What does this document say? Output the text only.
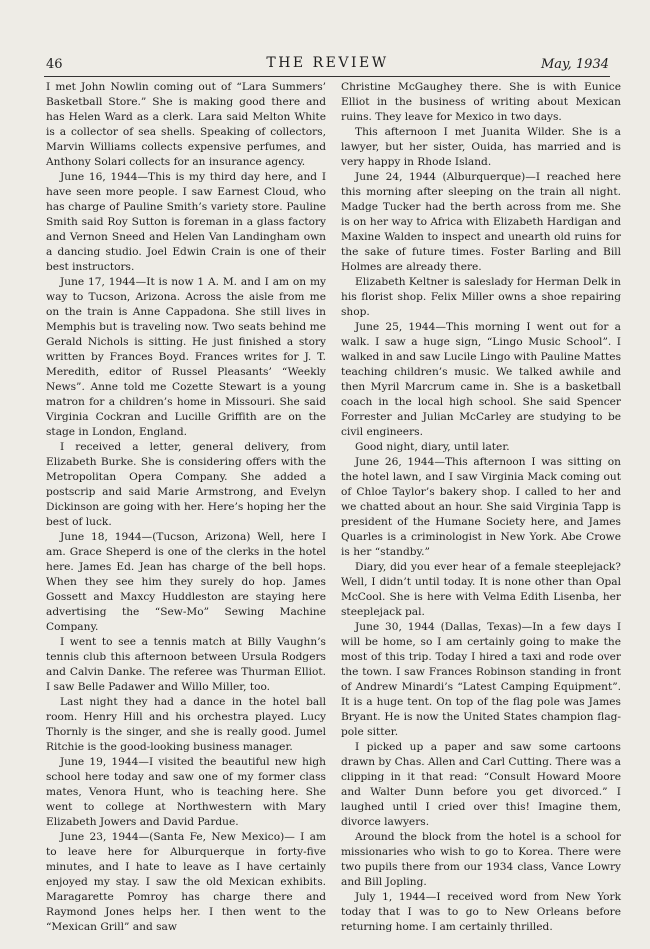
46	THE REVIEW	May, 1934

I met John Nowlin coming out of “Lara Summers’ Basketball Store.” She is making good there and has Helen Ward as a clerk. Lara said Melton White is a collector of sea shells. Speaking of collectors, Marvin Williams collects expensive perfumes, and Anthony Solari collects for an insurance agency.

June 16, 1944—This is my third day here, and I have seen more people. I saw Earnest Cloud, who has charge of Pauline Smith’s variety store. Pauline Smith said Roy Sutton is foreman in a glass factory and Vernon Sneed and Helen Van Landingham own a dancing studio. Joel Edwin Crain is one of their best instructors.

June 17, 1944—It is now 1 A. M. and I am on my way to Tucson, Arizona. Across the aisle from me on the train is Anne Cappadona. She still lives in Memphis but is traveling now. Two seats behind me Gerald Nichols is sitting. He just finished a story written by Frances Boyd. Frances writes for J. T. Meredith, editor of Russel Pleasants’ “Weekly News”. Anne told me Cozette Stewart is a young matron for a children’s home in Missouri. She said Virginia Cockran and Lucille Griffith are on the stage in London, England.

I received a letter, general delivery, from Elizabeth Burke. She is considering offers with the Metropolitan Opera Company. She added a postscrip and said Marie Armstrong, and Evelyn Dickinson are going with her. Here’s hoping her the best of luck.

June 18, 1944—(Tucson, Arizona) Well, here I am. Grace Sheperd is one of the clerks in the hotel here. James Ed. Jean has charge of the bell hops. When they see him they surely do hop. James Gossett and Maxcy Huddleston are staying here advertising the “Sew-Mo” Sewing Machine Company.

I went to see a tennis match at Billy Vaughn’s tennis club this afternoon between Ursula Rodgers and Calvin Danke. The referee was Thurman Elliot. I saw Belle Padawer and Willo Miller, too.

Last night they had a dance in the hotel ball room. Henry Hill and his orchestra played. Lucy Thornly is the singer, and she is really good. Jumel Ritchie is the good-looking business manager.

June 19, 1944—I visited the beautiful new high school here today and saw one of my former class mates, Venora Hunt, who is teaching here. She went to college at Northwestern with Mary Elizabeth Jowers and David Pardue.

June 23, 1944—(Santa Fe, New Mexico)— I am to leave here for Alburquerque in forty-five minutes, and I hate to leave as I have certainly enjoyed my stay. I saw the old Mexican exhibits. Maragarette Pomroy has charge there and Raymond Jones helps her. I then went to the “Mexican Grill” and saw

Christine McGaughey there. She is with Eunice Elliot in the business of writing about Mexican ruins. They leave for Mexico in two days.

This afternoon I met Juanita Wilder. She is a lawyer, but her sister, Ouida, has married and is very happy in Rhode Island.

June 24, 1944 (Alburquerque)—I reached here this morning after sleeping on the train all night. Madge Tucker had the berth across from me. She is on her way to Africa with Elizabeth Hardigan and Maxine Walden to inspect and unearth old ruins for the sake of future times. Foster Barling and Bill Holmes are already there.

Elizabeth Keltner is saleslady for Herman Delk in his florist shop. Felix Miller owns a shoe repairing shop.

June 25, 1944—This morning I went out for a walk. I saw a huge sign, “Lingo Music School”. I walked in and saw Lucile Lingo with Pauline Mattes teaching children’s music. We talked awhile and then Myril Marcrum came in. She is a basketball coach in the local high school. She said Spencer Forrester and Julian McCarley are studying to be civil engineers.

Good night, diary, until later.

June 26, 1944—This afternoon I was sitting on the hotel lawn, and I saw Virginia Mack coming out of Chloe Taylor’s bakery shop. I called to her and we chatted about an hour. She said Virginia Tapp is president of the Humane Society here, and James Quarles is a criminologist in New York. Abe Crowe is her “standby.”

Diary, did you ever hear of a female steeplejack? Well, I didn’t until today. It is none other than Opal McCool. She is here with Velma Edith Lisenba, her steeplejack pal.

June 30, 1944 (Dallas, Texas)—In a few days I will be home, so I am certainly going to make the most of this trip. Today I hired a taxi and rode over the town. I saw Frances Robinson standing in front of Andrew Minardi’s “Latest Camping Equipment”. It is a huge tent. On top of the flag pole was James Bryant. He is now the United States champion flag-pole sitter.

I picked up a paper and saw some cartoons drawn by Chas. Allen and Carl Cutting. There was a clipping in it that read: “Consult Howard Moore and Walter Dunn before you get divorced.” I laughed until I cried over this! Imagine them, divorce lawyers.

Around the block from the hotel is a school for missionaries who wish to go to Korea. There were two pupils there from our 1934 class, Vance Lowry and Bill Jopling.

July 1, 1944—I received word from New York today that I was to go to New Orleans before returning home. I am certainly thrilled.
